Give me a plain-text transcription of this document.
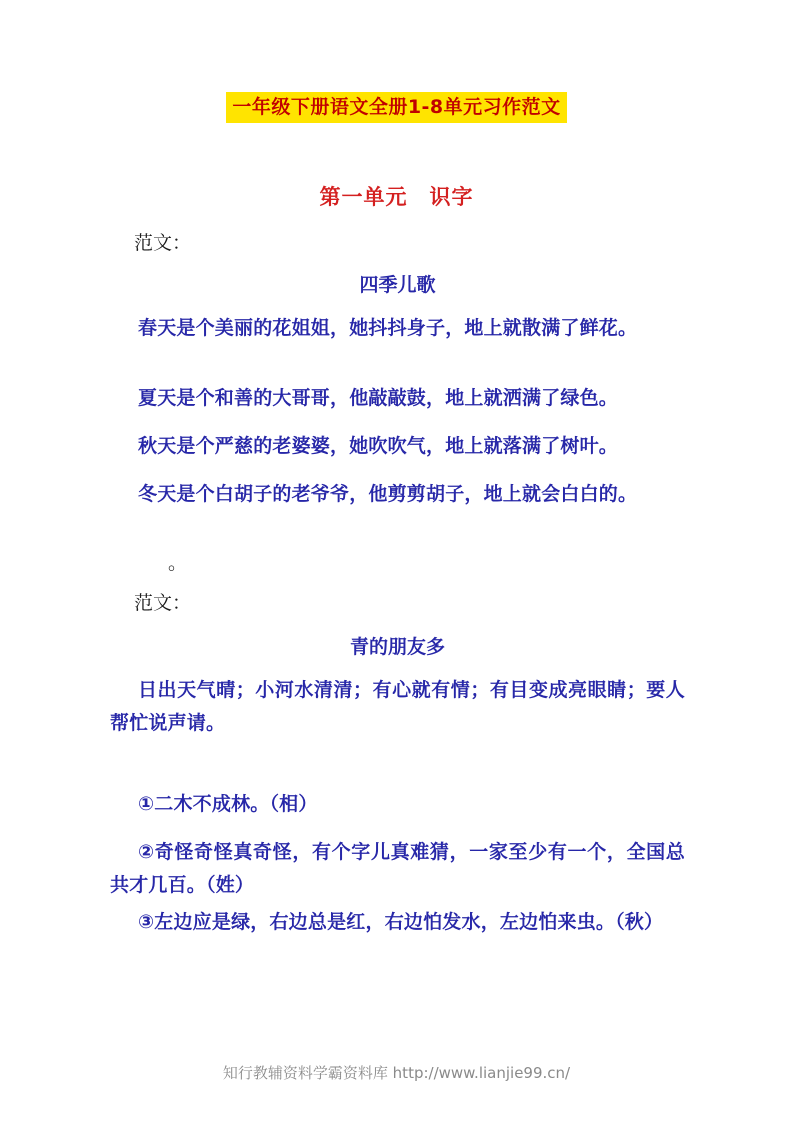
一年级下册语文全册1-8单元习作范文
第一单元　识字
范文：
四季儿歌
春天是个美丽的花姐姐，她抖抖身子，地上就散满了鲜花。
夏天是个和善的大哥哥，他敲敲鼓，地上就洒满了绿色。
秋天是个严慈的老婆婆，她吹吹气，地上就落满了树叶。
冬天是个白胡子的老爷爷，他剪剪胡子，地上就会白白的。
。
范文：
青的朋友多
日出天气晴；小河水清清；有心就有情；有目变成亮眼睛；要人帮忙说声请。
①二木不成林。（相）
②奇怪奇怪真奇怪，有个字儿真难猜，一家至少有一个，全国总共才几百。（姓）
③左边应是绿，右边总是红，右边怕发水，左边怕来虫。（秋）
知行教辅资料学霸资料库 http://www.lianjie99.cn/
